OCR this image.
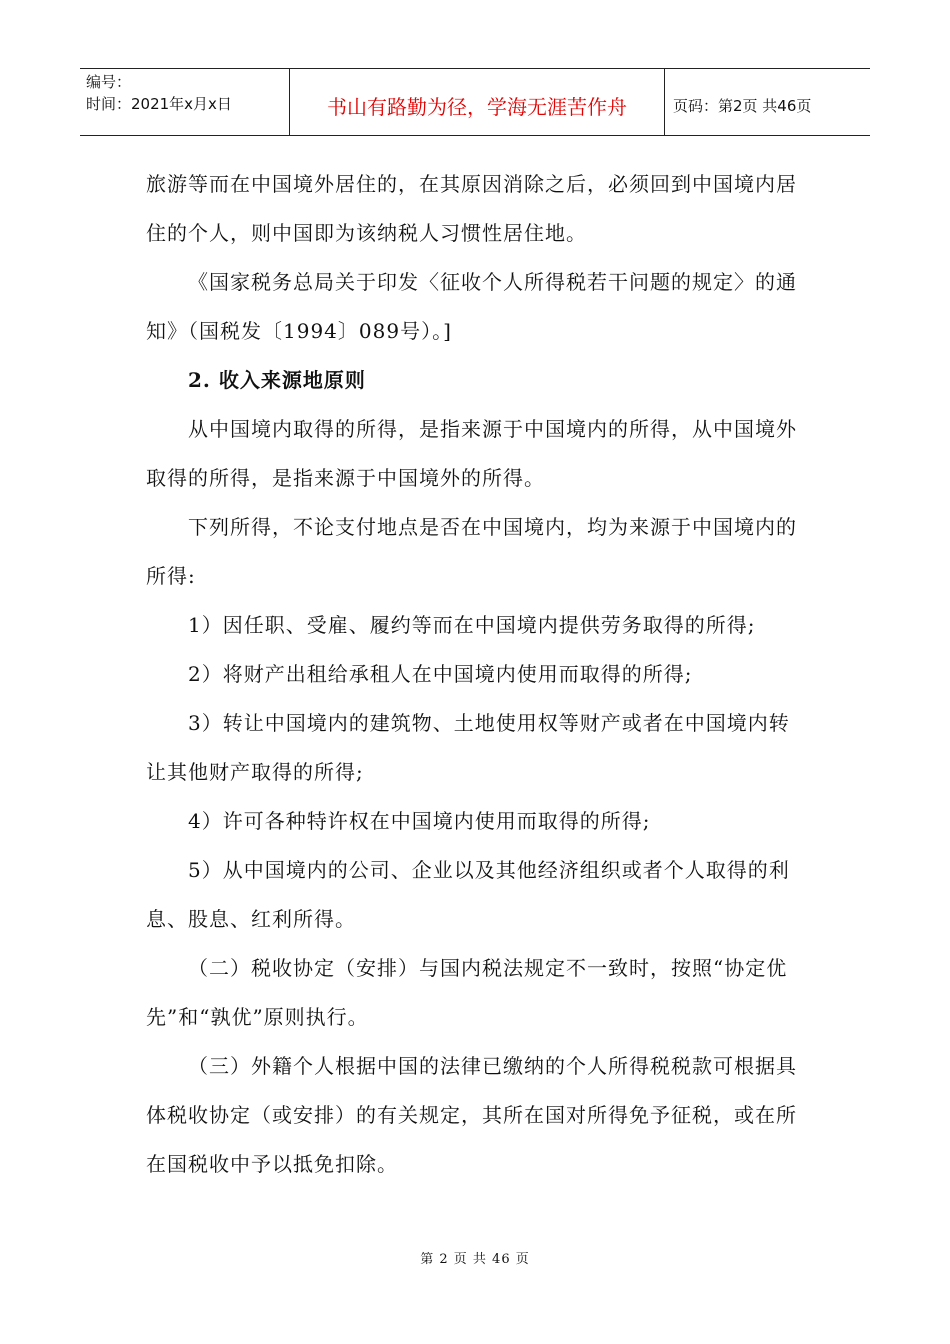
编号：
时间：2021年x月x日	书山有路勤为径，学海无涯苦作舟	页码：第2页 共46页

旅游等而在中国境外居住的，在其原因消除之后，必须回到中国境内居住的个人，则中国即为该纳税人习惯性居住地。

《国家税务总局关于印发〈征收个人所得税若干问题的规定〉的通知》（国税发〔1994〕089号）。]

2. 收入来源地原则

从中国境内取得的所得，是指来源于中国境内的所得，从中国境外取得的所得，是指来源于中国境外的所得。

下列所得，不论支付地点是否在中国境内，均为来源于中国境内的所得:

1）因任职、受雇、履约等而在中国境内提供劳务取得的所得;

2）将财产出租给承租人在中国境内使用而取得的所得;

3）转让中国境内的建筑物、土地使用权等财产或者在中国境内转让其他财产取得的所得;

4）许可各种特许权在中国境内使用而取得的所得;

5）从中国境内的公司、企业以及其他经济组织或者个人取得的利息、股息、红利所得。

（二）税收协定（安排）与国内税法规定不一致时，按照“协定优先”和“孰优”原则执行。

（三）外籍个人根据中国的法律已缴纳的个人所得税税款可根据具体税收协定（或安排）的有关规定，其所在国对所得免予征税，或在所在国税收中予以抵免扣除。

第 2 页 共 46 页
